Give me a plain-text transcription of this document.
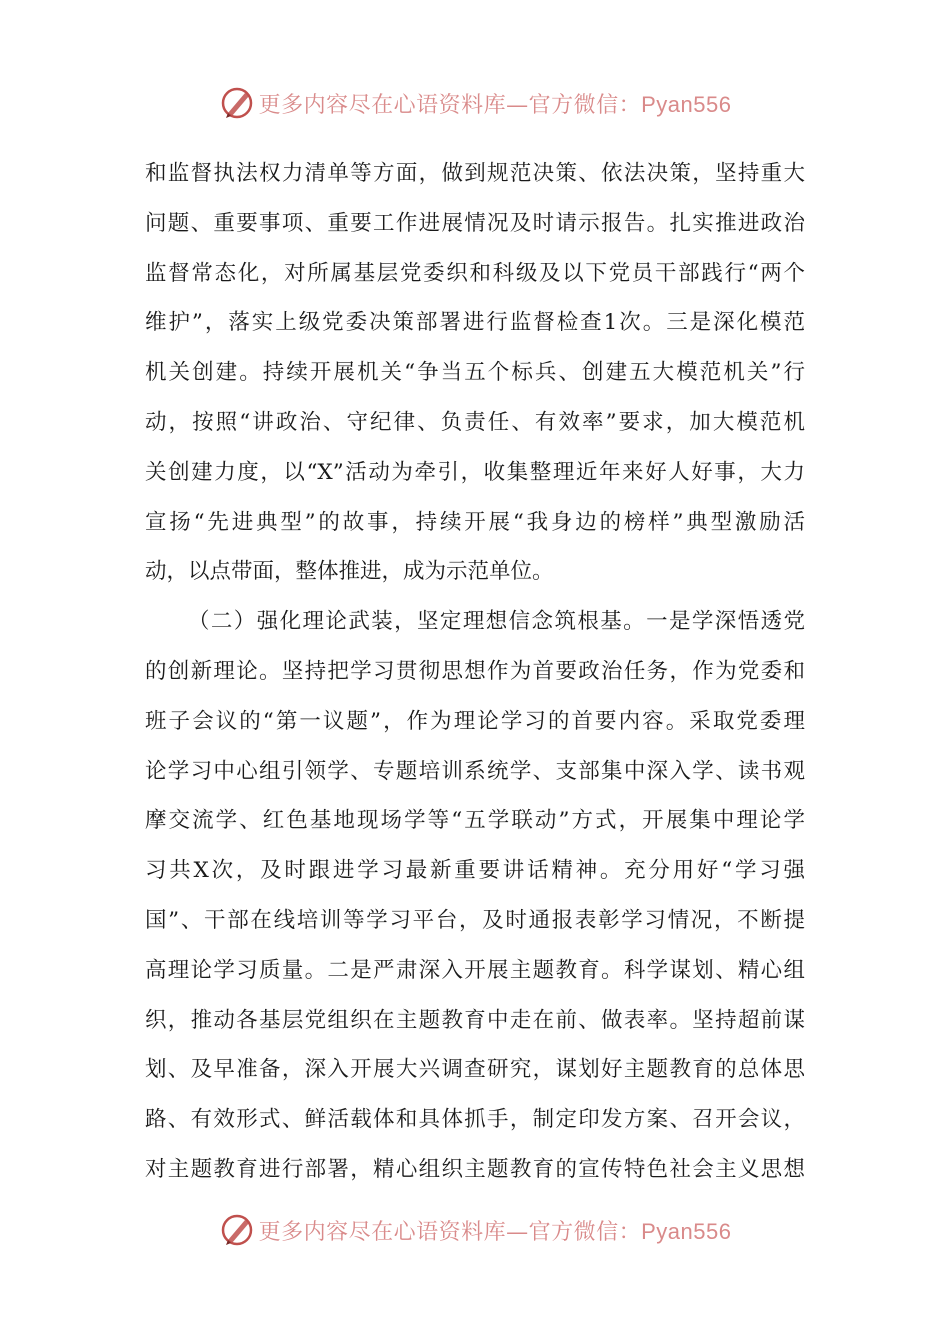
更多内容尽在心语资料库—官方微信：Pyan556
和监督执法权力清单等方面，做到规范决策、依法决策，坚持重大
问题、重要事项、重要工作进展情况及时请示报告。扎实推进政治
监督常态化，对所属基层党委织和科级及以下党员干部践行“两个
维护”，落实上级党委决策部署进行监督检查1次。三是深化模范
机关创建。持续开展机关“争当五个标兵、创建五大模范机关”行
动，按照“讲政治、守纪律、负责任、有效率”要求，加大模范机
关创建力度，以“X”活动为牵引，收集整理近年来好人好事，大力
宣扬“先进典型”的故事，持续开展“我身边的榜样”典型激励活
动，以点带面，整体推进，成为示范单位。
（二）强化理论武装，坚定理想信念筑根基。一是学深悟透党
的创新理论。坚持把学习贯彻思想作为首要政治任务，作为党委和
班子会议的“第一议题”，作为理论学习的首要内容。采取党委理
论学习中心组引领学、专题培训系统学、支部集中深入学、读书观
摩交流学、红色基地现场学等“五学联动”方式，开展集中理论学
习共X次，及时跟进学习最新重要讲话精神。充分用好“学习强
国”、干部在线培训等学习平台，及时通报表彰学习情况，不断提
高理论学习质量。二是严肃深入开展主题教育。科学谋划、精心组
织，推动各基层党组织在主题教育中走在前、做表率。坚持超前谋
划、及早准备，深入开展大兴调查研究，谋划好主题教育的总体思
路、有效形式、鲜活载体和具体抓手，制定印发方案、召开会议，
对主题教育进行部署，精心组织主题教育的宣传特色社会主义思想
更多内容尽在心语资料库—官方微信：Pyan556
